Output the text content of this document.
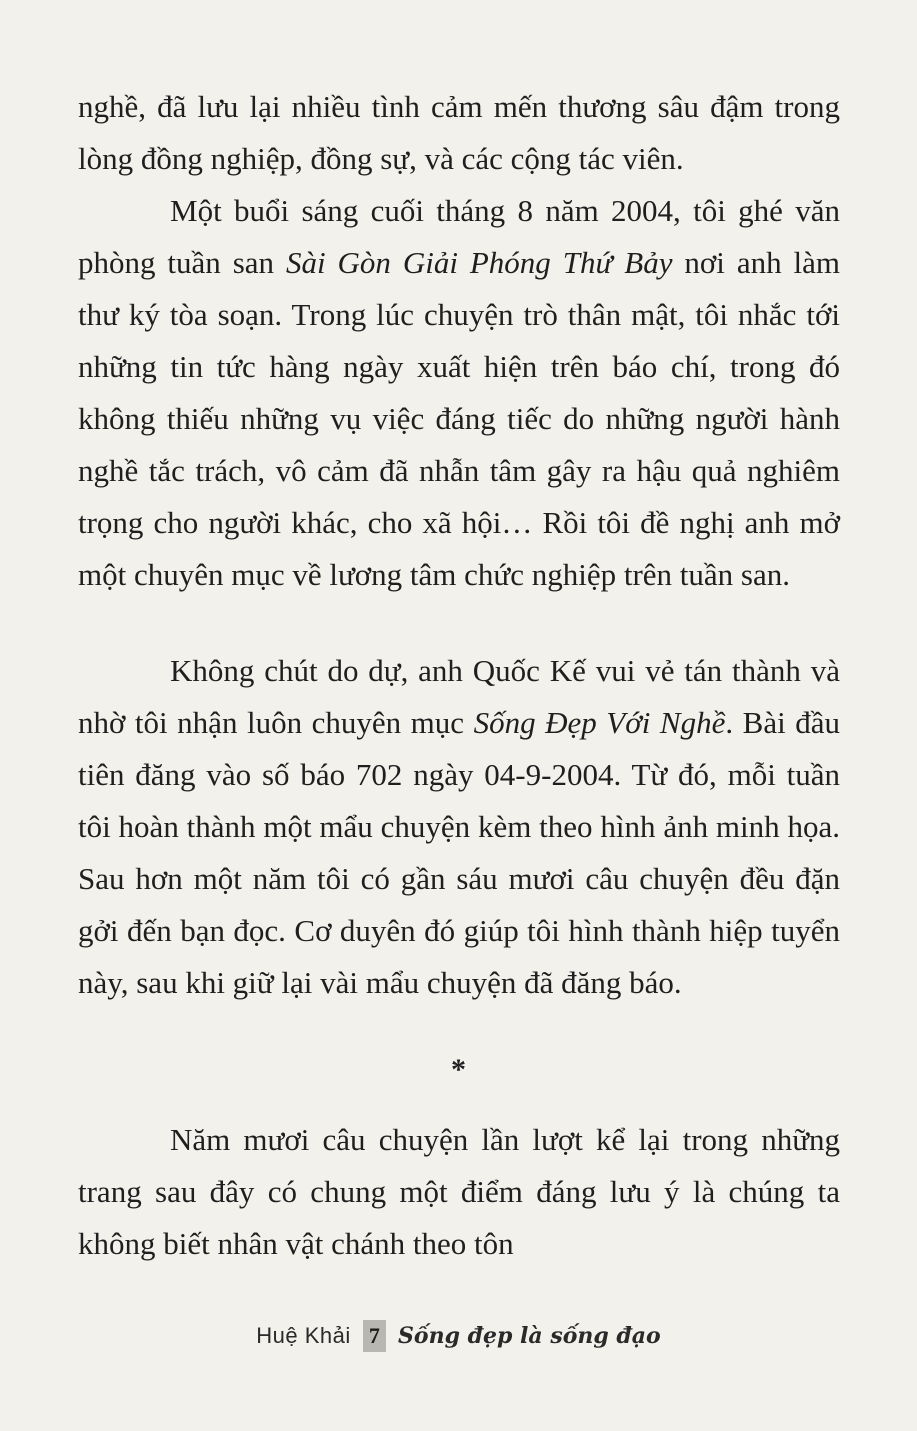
nghề, đã lưu lại nhiều tình cảm mến thương sâu đậm trong lòng đồng nghiệp, đồng sự, và các cộng tác viên.

Một buổi sáng cuối tháng 8 năm 2004, tôi ghé văn phòng tuần san Sài Gòn Giải Phóng Thứ Bảy nơi anh làm thư ký tòa soạn. Trong lúc chuyện trò thân mật, tôi nhắc tới những tin tức hàng ngày xuất hiện trên báo chí, trong đó không thiếu những vụ việc đáng tiếc do những người hành nghề tắc trách, vô cảm đã nhẫn tâm gây ra hậu quả nghiêm trọng cho người khác, cho xã hội… Rồi tôi đề nghị anh mở một chuyên mục về lương tâm chức nghiệp trên tuần san.

Không chút do dự, anh Quốc Kế vui vẻ tán thành và nhờ tôi nhận luôn chuyên mục Sống Đẹp Với Nghề. Bài đầu tiên đăng vào số báo 702 ngày 04-9-2004. Từ đó, mỗi tuần tôi hoàn thành một mẩu chuyện kèm theo hình ảnh minh họa. Sau hơn một năm tôi có gần sáu mươi câu chuyện đều đặn gởi đến bạn đọc. Cơ duyên đó giúp tôi hình thành hiệp tuyển này, sau khi giữ lại vài mẩu chuyện đã đăng báo.

*

Năm mươi câu chuyện lần lượt kể lại trong những trang sau đây có chung một điểm đáng lưu ý là chúng ta không biết nhân vật chánh theo tôn

Huệ Khải 7 Sống đẹp là sống đạo
